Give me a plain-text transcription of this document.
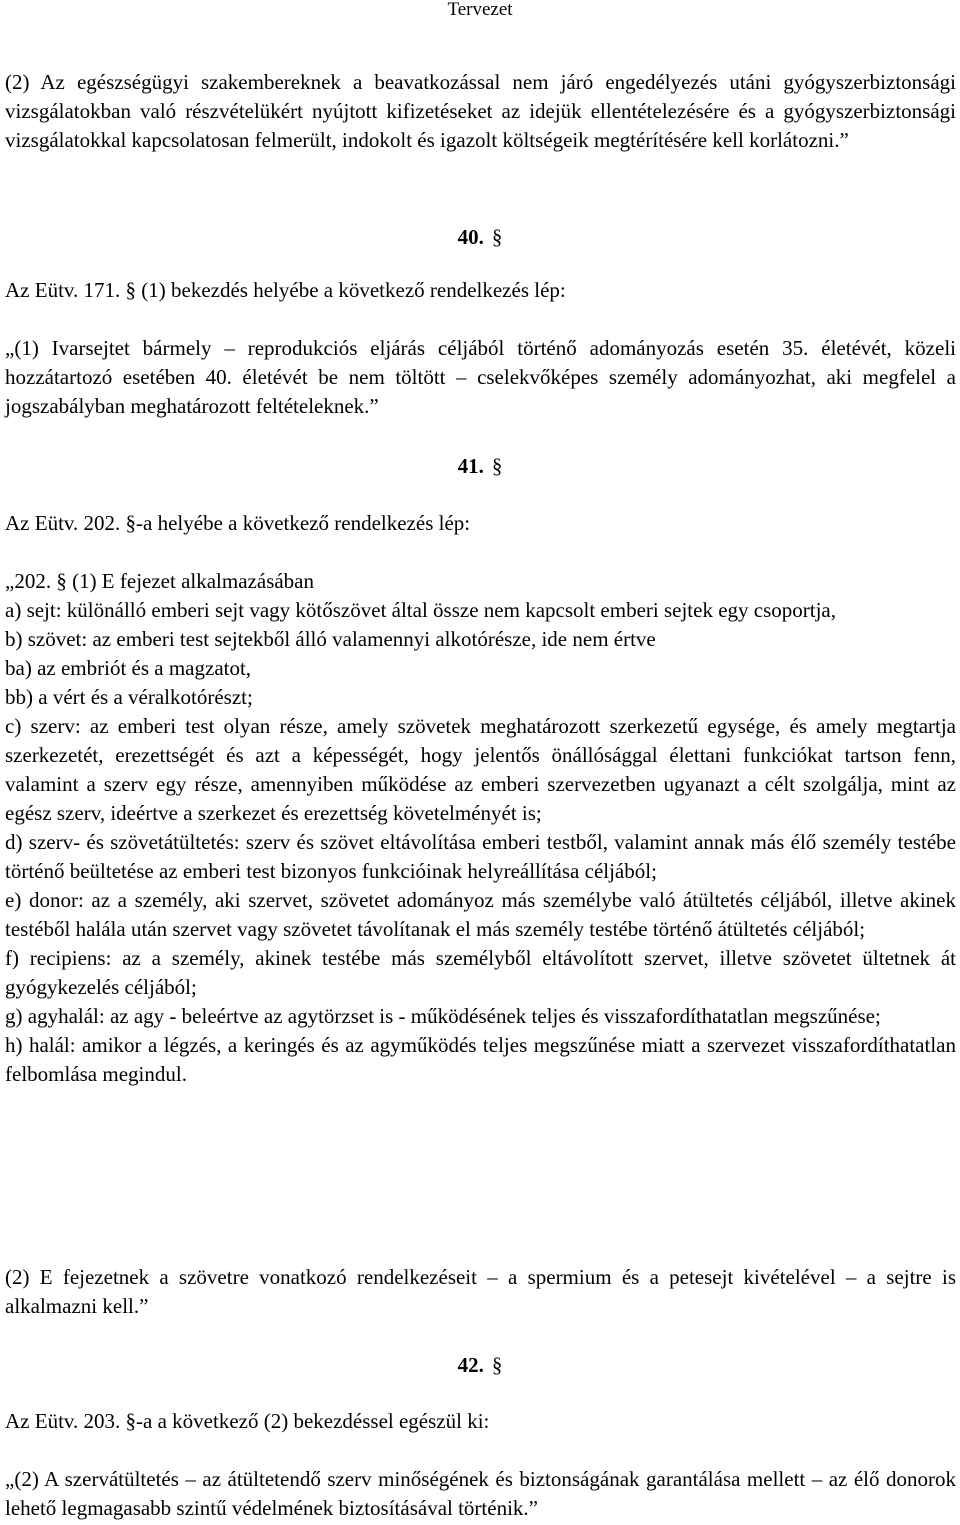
Tervezet

(2) Az egészségügyi szakembereknek a beavatkozással nem járó engedélyezés utáni gyógyszerbiztonsági vizsgálatokban való részvételükért nyújtott kifizetéseket az idejük ellentételezésére és a gyógyszerbiztonsági vizsgálatokkal kapcsolatosan felmerült, indokolt és igazolt költségeik megtérítésére kell korlátozni.”

40. §

Az Eütv. 171. § (1) bekezdés helyébe a következő rendelkezés lép:

„(1) Ivarsejtet bármely – reprodukciós eljárás céljából történő adományozás esetén 35. életévét, közeli hozzátartozó esetében 40. életévét be nem töltött – cselekvőképes személy adományozhat, aki megfelel a jogszabályban meghatározott feltételeknek.”

41. §

Az Eütv. 202. §-a helyébe a következő rendelkezés lép:

„202. § (1) E fejezet alkalmazásában
a) sejt: különálló emberi sejt vagy kötőszövet által össze nem kapcsolt emberi sejtek egy csoportja,
b) szövet: az emberi test sejtekből álló valamennyi alkotórésze, ide nem értve
ba) az embriót és a magzatot,
bb) a vért és a véralkotórészt;
c) szerv: az emberi test olyan része, amely szövetek meghatározott szerkezetű egysége, és amely megtartja szerkezetét, erezettségét és azt a képességét, hogy jelentős önállósággal élettani funkciókat tartson fenn, valamint a szerv egy része, amennyiben működése az emberi szervezetben ugyanazt a célt szolgálja, mint az egész szerv, ideértve a szerkezet és erezettség követelményét is;
d) szerv- és szövetátültetés: szerv és szövet eltávolítása emberi testből, valamint annak más élő személy testébe történő beültetése az emberi test bizonyos funkcióinak helyreállítása céljából;
e) donor: az a személy, aki szervet, szövetet adományoz más személybe való átültetés céljából, illetve akinek testéből halála után szervet vagy szövetet távolítanak el más személy testébe történő átültetés céljából;
f) recipiens: az a személy, akinek testébe más személyből eltávolított szervet, illetve szövetet ültetnek át gyógykezelés céljából;
g) agyhalál: az agy - beleértve az agytörzset is - működésének teljes és visszafordíthatatlan megszűnése;
h) halál: amikor a légzés, a keringés és az agyműködés teljes megszűnése miatt a szervezet visszafordíthatatlan felbomlása megindul.

(2) E fejezetnek a szövetre vonatkozó rendelkezéseit – a spermium és a petesejt kivételével – a sejtre is alkalmazni kell.”

42. §

Az Eütv. 203. §-a a következő (2) bekezdéssel egészül ki:

„(2) A szervátültetés – az átültetendő szerv minőségének és biztonságának garantálása mellett – az élő donorok lehető legmagasabb szintű védelmének biztosításával történik.”
